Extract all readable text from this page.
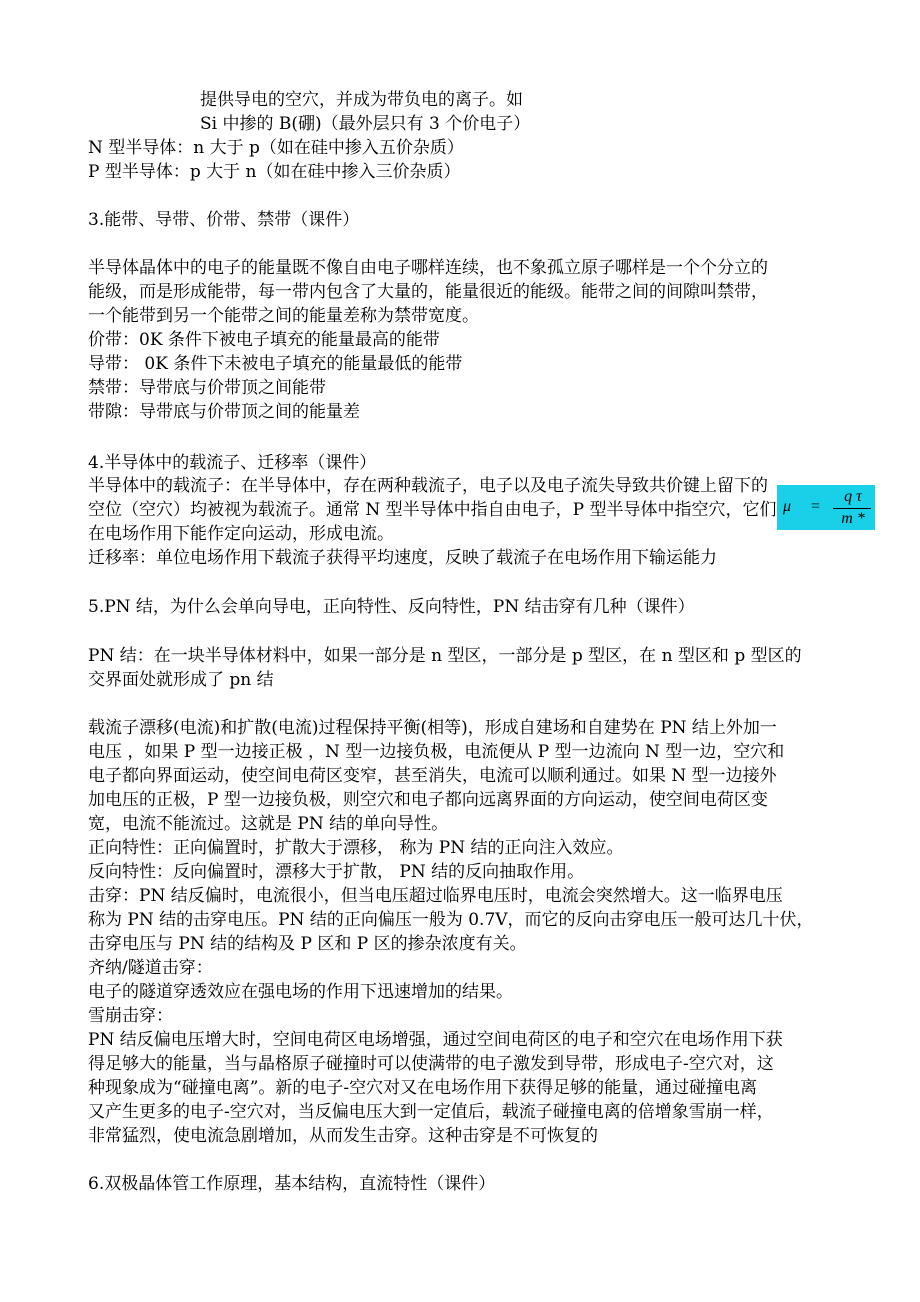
提供导电的空穴，并成为带负电的离子。如
Si 中掺的 B(硼)（最外层只有 3 个价电子）
N 型半导体：n 大于 p（如在硅中掺入五价杂质）
P 型半导体：p 大于 n（如在硅中掺入三价杂质）
3.能带、导带、价带、禁带（课件）
半导体晶体中的电子的能量既不像自由电子哪样连续，也不象孤立原子哪样是一个个分立的
能级，而是形成能带，每一带内包含了大量的，能量很近的能级。能带之间的间隙叫禁带，
一个能带到另一个能带之间的能量差称为禁带宽度。
价带：0K 条件下被电子填充的能量最高的能带
导带： 0K 条件下未被电子填充的能量最低的能带
禁带：导带底与价带顶之间能带
带隙：导带底与价带顶之间的能量差
4.半导体中的载流子、迁移率（课件）
半导体中的载流子：在半导体中，存在两种载流子，电子以及电子流失导致共价键上留下的
空位（空穴）均被视为载流子。通常 N 型半导体中指自由电子，P 型半导体中指空穴，它们
在电场作用下能作定向运动，形成电流。
迁移率：单位电场作用下载流子获得平均速度，反映了载流子在电场作用下输运能力
5.PN 结，为什么会单向导电，正向特性、反向特性，PN 结击穿有几种（课件）
PN 结：在一块半导体材料中，如果一部分是 n 型区，一部分是 p 型区，在 n 型区和 p 型区的
交界面处就形成了 pn 结
载流子漂移(电流)和扩散(电流)过程保持平衡(相等)，形成自建场和自建势在 PN 结上外加一
电压 ，如果 P 型一边接正极 ，N 型一边接负极，电流便从 P 型一边流向 N 型一边，空穴和
电子都向界面运动，使空间电荷区变窄，甚至消失，电流可以顺利通过。如果 N 型一边接外
加电压的正极，P 型一边接负极，则空穴和电子都向远离界面的方向运动，使空间电荷区变
宽，电流不能流过。这就是 PN 结的单向导性。
正向特性：正向偏置时，扩散大于漂移， 称为 PN 结的正向注入效应。
反向特性：反向偏置时，漂移大于扩散， PN 结的反向抽取作用。
击穿：PN 结反偏时，电流很小，但当电压超过临界电压时，电流会突然增大。这一临界电压
称为 PN 结的击穿电压。PN 结的正向偏压一般为 0.7V，而它的反向击穿电压一般可达几十伏，
击穿电压与 PN 结的结构及 P 区和 P 区的掺杂浓度有关。
齐纳/隧道击穿：
电子的隧道穿透效应在强电场的作用下迅速增加的结果。
雪崩击穿：
PN 结反偏电压增大时，空间电荷区电场增强，通过空间电荷区的电子和空穴在电场作用下获
得足够大的能量，当与晶格原子碰撞时可以使满带的电子激发到导带，形成电子-空穴对，这
种现象成为“碰撞电离”。新的电子-空穴对又在电场作用下获得足够的能量，通过碰撞电离
又产生更多的电子-空穴对，当反偏电压大到一定值后，载流子碰撞电离的倍增象雪崩一样，
非常猛烈，使电流急剧增加，从而发生击穿。这种击穿是不可恢复的
6.双极晶体管工作原理，基本结构，直流特性（课件）
μ =
q τ
m *
